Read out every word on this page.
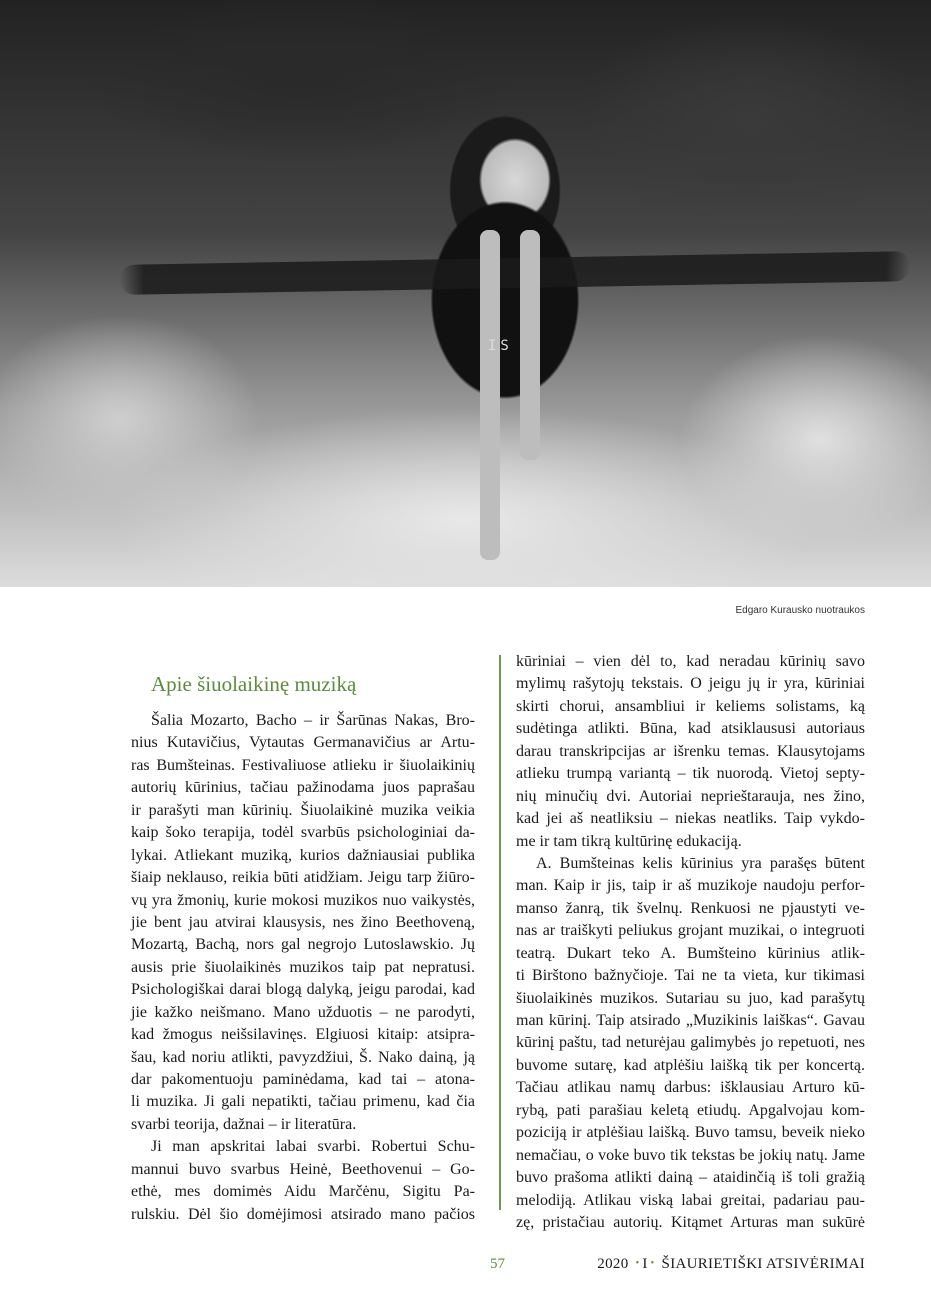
IS
Edgaro Kurausko nuotraukos
Apie šiuolaikinę muziką
Šalia Mozarto, Bacho – ir Šarūnas Nakas, Bro-
nius Kutavičius, Vytautas Germanavičius ar Artu-
ras Bumšteinas. Festivaliuose atlieku ir šiuolaikinių
autorių kūrinius, tačiau pažinodama juos paprašau
ir parašyti man kūrinių. Šiuolaikinė muzika veikia
kaip šoko terapija, todėl svarbūs psichologiniai da-
lykai. Atliekant muziką, kurios dažniausiai publika
šiaip neklauso, reikia būti atidžiam. Jeigu tarp žiūro-
vų yra žmonių, kurie mokosi muzikos nuo vaikystės,
jie bent jau atvirai klausysis, nes žino Beethoveną,
Mozartą, Bachą, nors gal negrojo Lutoslawskio. Jų
ausis prie šiuolaikinės muzikos taip pat nepratusi.
Psichologiškai darai blogą dalyką, jeigu parodai, kad
jie kažko neišmano. Mano užduotis – ne parodyti,
kad žmogus neišsilavinęs. Elgiuosi kitaip: atsipra-
šau, kad noriu atlikti, pavyzdžiui, Š. Nako dainą, ją
dar pakomentuoju paminėdama, kad tai – atona-
li muzika. Ji gali nepatikti, tačiau primenu, kad čia
svarbi teorija, dažnai – ir literatūra.
Ji man apskritai labai svarbi. Robertui Schu-
mannui buvo svarbus Heinė, Beethovenui – Go-
ethė, mes domimės Aidu Marčėnu, Sigitu Pa-
rulskiu. Dėl šio domėjimosi atsirado mano pačios
kūriniai – vien dėl to, kad neradau kūrinių savo
mylimų rašytojų tekstais. O jeigu jų ir yra, kūriniai
skirti chorui, ansambliui ir keliems solistams, ką
sudėtinga atlikti. Būna, kad atsiklaususi autoriaus
darau transkripcijas ar išrenku temas. Klausytojams
atlieku trumpą variantą – tik nuorodą. Vietoj septy-
nių minučių dvi. Autoriai neprieštarauja, nes žino,
kad jei aš neatliksiu – niekas neatliks. Taip vykdo-
me ir tam tikrą kultūrinę edukaciją.
A. Bumšteinas kelis kūrinius yra parašęs būtent
man. Kaip ir jis, taip ir aš muzikoje naudoju perfor-
manso žanrą, tik švelnų. Renkuosi ne pjaustyti ve-
nas ar traiškyti peliukus grojant muzikai, o integruoti
teatrą. Dukart teko A. Bumšteino kūrinius atlik-
ti Birštono bažnyčioje. Tai ne ta vieta, kur tikimasi
šiuolaikinės muzikos. Sutariau su juo, kad parašytų
man kūrinį. Taip atsirado „Muzikinis laiškas“. Gavau
kūrinį paštu, tad neturėjau galimybės jo repetuoti, nes
buvome sutarę, kad atplėšiu laišką tik per koncertą.
Tačiau atlikau namų darbus: išklausiau Arturo kū-
rybą, pati parašiau keletą etiudų. Apgalvojau kom-
poziciją ir atplėšiau laišką. Buvo tamsu, beveik nieko
nemačiau, o voke buvo tik tekstas be jokių natų. Jame
buvo prašoma atlikti dainą – ataidinčią iš toli gražią
melodiją. Atlikau viską labai greitai, padariau pau-
zę, pristačiau autorių. Kitąmet Arturas man sukūrė
57	2020 • I • ŠIAURIETIŠKI ATSIVĖRIMAI
